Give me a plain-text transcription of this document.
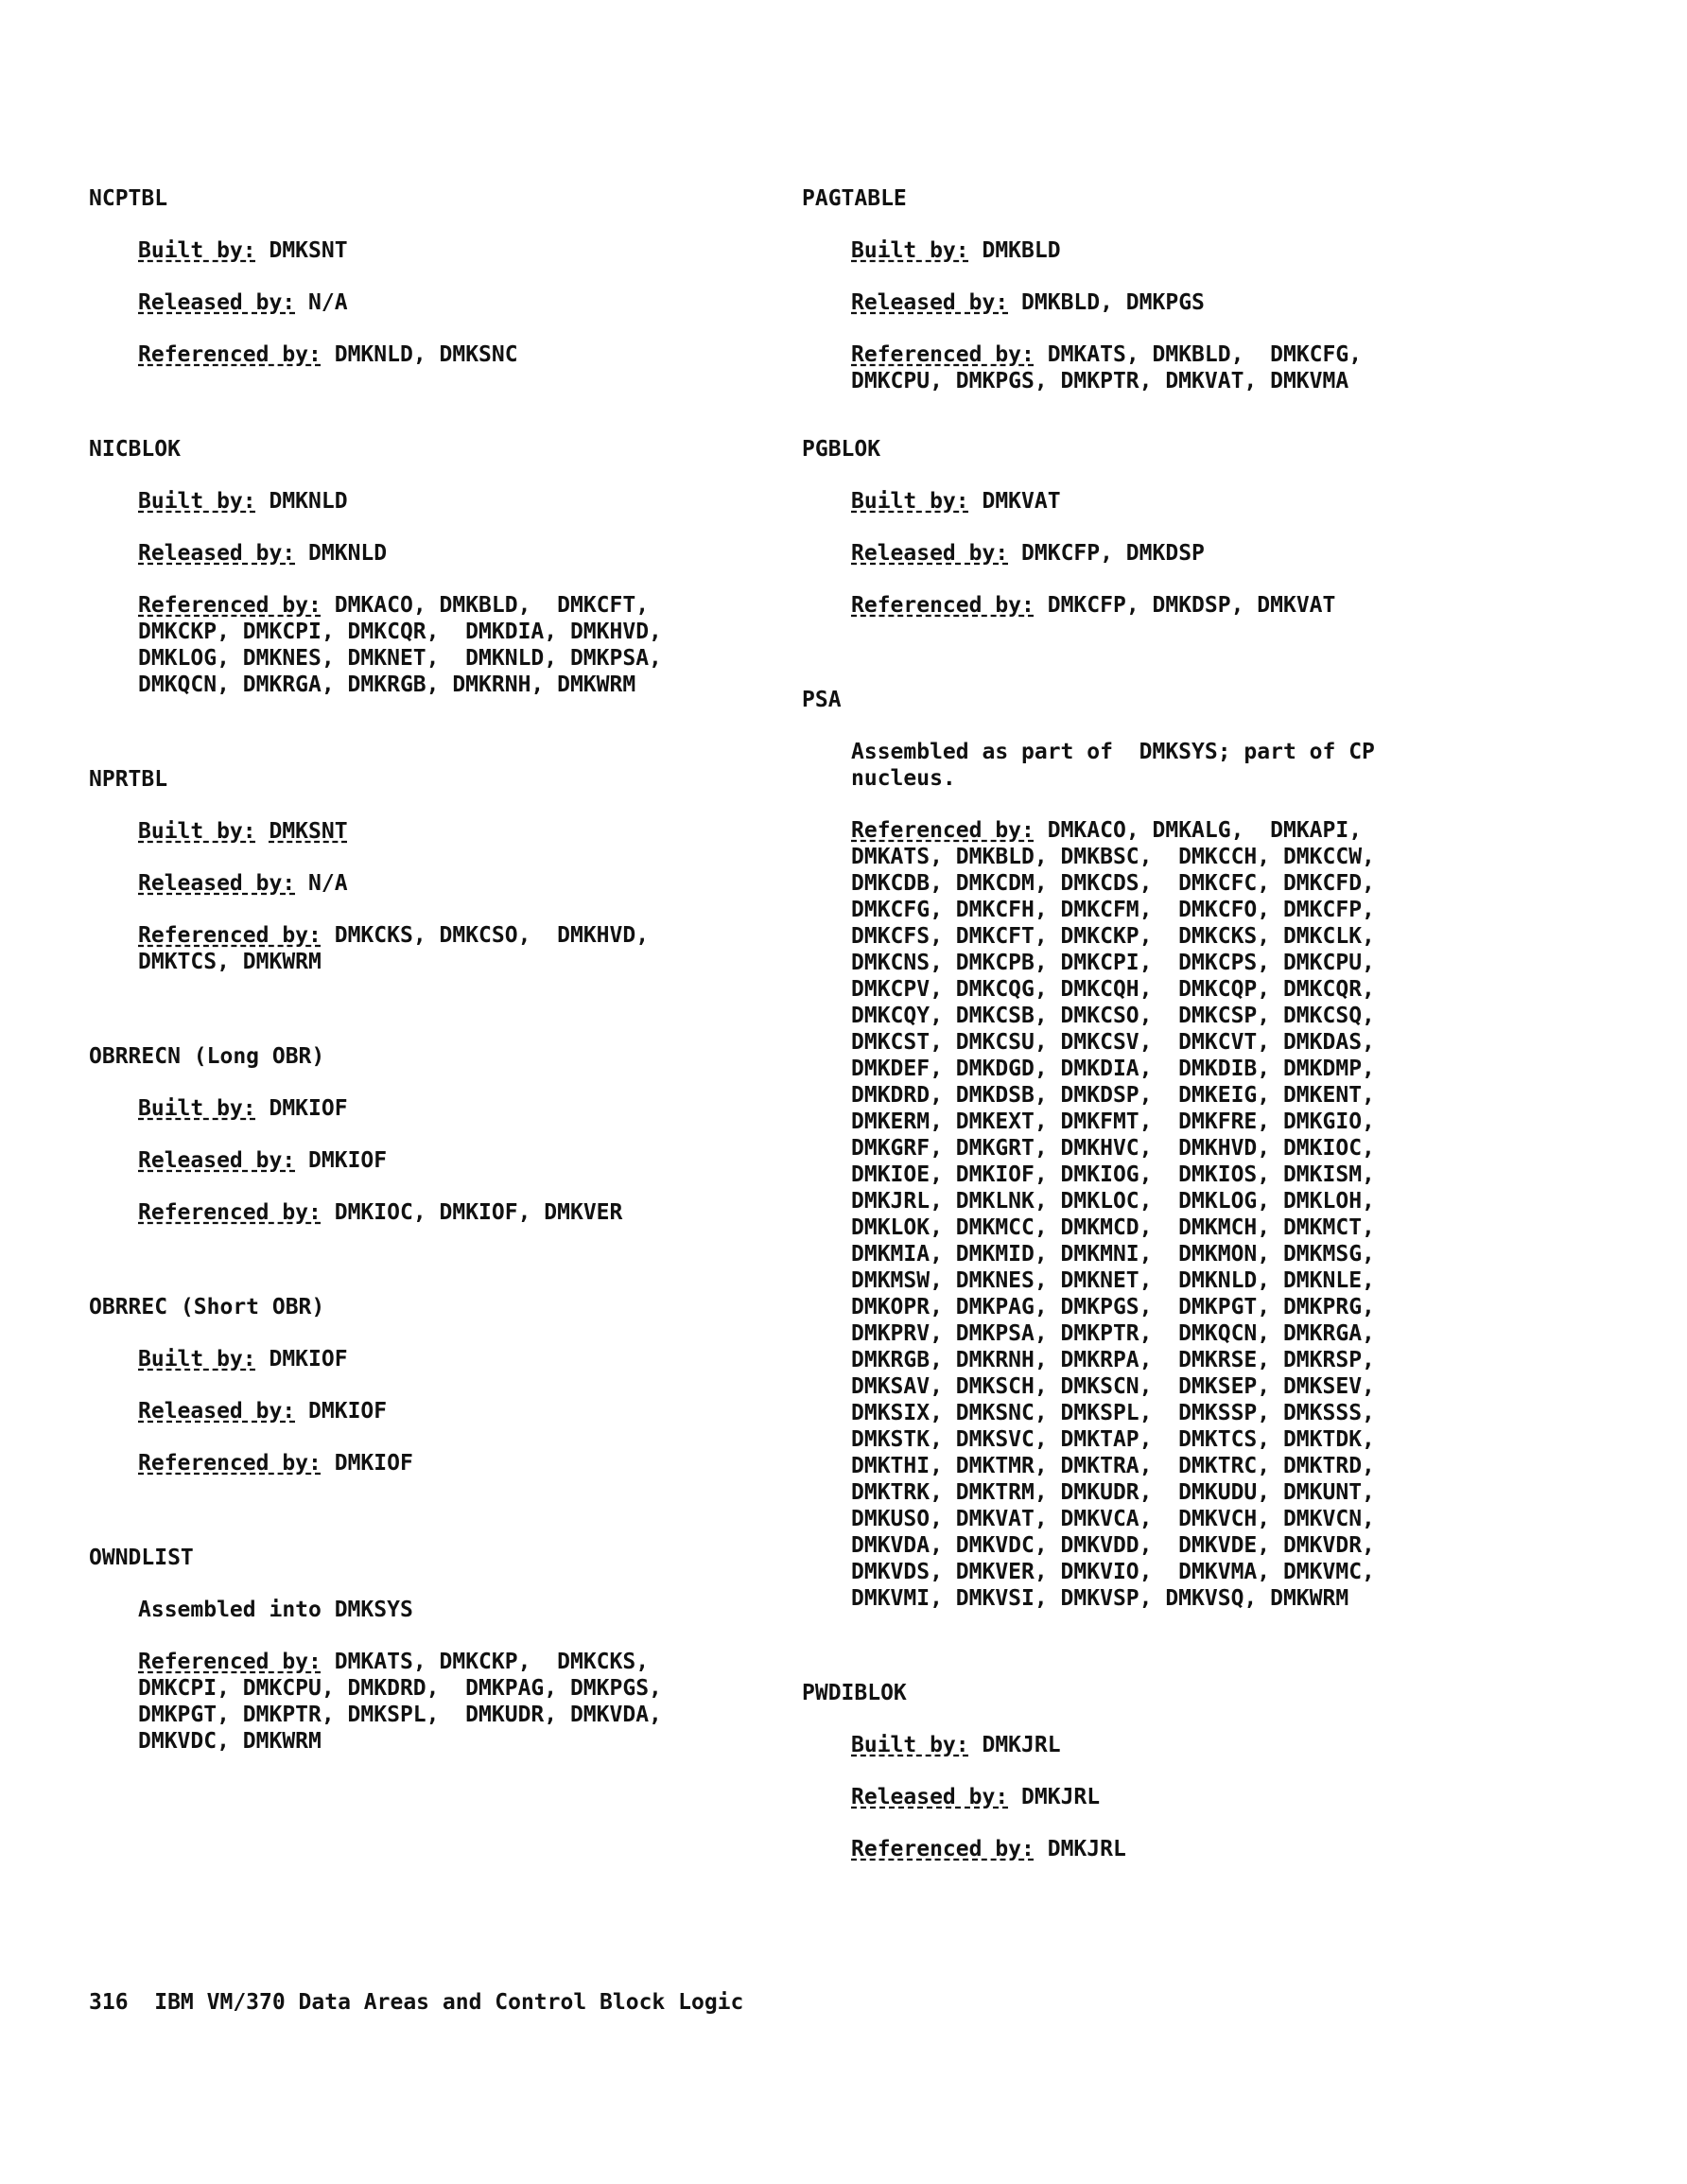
NCPTBL
Built by: DMKSNT
Released by: N/A
Referenced by: DMKNLD, DMKSNC
NICBLOK
Built by: DMKNLD
Released by: DMKNLD
Referenced by: DMKACO, DMKBLD,  DMKCFT,
DMKCKP, DMKCPI, DMKCQR,  DMKDIA, DMKHVD,
DMKLOG, DMKNES, DMKNET,  DMKNLD, DMKPSA,
DMKQCN, DMKRGA, DMKRGB, DMKRNH, DMKWRM
NPRTBL
Built by: DMKSNT
Released by: N/A
Referenced by: DMKCKS, DMKCSO,  DMKHVD,
DMKTCS, DMKWRM
OBRRECN (Long OBR)
Built by: DMKIOF
Released by: DMKIOF
Referenced by: DMKIOC, DMKIOF, DMKVER
OBRREC (Short OBR)
Built by: DMKIOF
Released by: DMKIOF
Referenced by: DMKIOF
OWNDLIST
Assembled into DMKSYS
Referenced by: DMKATS, DMKCKP,  DMKCKS,
DMKCPI, DMKCPU, DMKDRD,  DMKPAG, DMKPGS,
DMKPGT, DMKPTR, DMKSPL,  DMKUDR, DMKVDA,
DMKVDC, DMKWRM
PAGTABLE
Built by: DMKBLD
Released by: DMKBLD, DMKPGS
Referenced by: DMKATS, DMKBLD,  DMKCFG,
DMKCPU, DMKPGS, DMKPTR, DMKVAT, DMKVMA
PGBLOK
Built by: DMKVAT
Released by: DMKCFP, DMKDSP
Referenced by: DMKCFP, DMKDSP, DMKVAT
PSA
Assembled as part of  DMKSYS; part of CP
nucleus.
Referenced by: DMKACO, DMKALG,  DMKAPI,
DMKATS, DMKBLD, DMKBSC,  DMKCCH, DMKCCW,
DMKCDB, DMKCDM, DMKCDS,  DMKCFC, DMKCFD,
DMKCFG, DMKCFH, DMKCFM,  DMKCFO, DMKCFP,
DMKCFS, DMKCFT, DMKCKP,  DMKCKS, DMKCLK,
DMKCNS, DMKCPB, DMKCPI,  DMKCPS, DMKCPU,
DMKCPV, DMKCQG, DMKCQH,  DMKCQP, DMKCQR,
DMKCQY, DMKCSB, DMKCSO,  DMKCSP, DMKCSQ,
DMKCST, DMKCSU, DMKCSV,  DMKCVT, DMKDAS,
DMKDEF, DMKDGD, DMKDIA,  DMKDIB, DMKDMP,
DMKDRD, DMKDSB, DMKDSP,  DMKEIG, DMKENT,
DMKERM, DMKEXT, DMKFMT,  DMKFRE, DMKGIO,
DMKGRF, DMKGRT, DMKHVC,  DMKHVD, DMKIOC,
DMKIOE, DMKIOF, DMKIOG,  DMKIOS, DMKISM,
DMKJRL, DMKLNK, DMKLOC,  DMKLOG, DMKLOH,
DMKLOK, DMKMCC, DMKMCD,  DMKMCH, DMKMCT,
DMKMIA, DMKMID, DMKMNI,  DMKMON, DMKMSG,
DMKMSW, DMKNES, DMKNET,  DMKNLD, DMKNLE,
DMKOPR, DMKPAG, DMKPGS,  DMKPGT, DMKPRG,
DMKPRV, DMKPSA, DMKPTR,  DMKQCN, DMKRGA,
DMKRGB, DMKRNH, DMKRPA,  DMKRSE, DMKRSP,
DMKSAV, DMKSCH, DMKSCN,  DMKSEP, DMKSEV,
DMKSIX, DMKSNC, DMKSPL,  DMKSSP, DMKSSS,
DMKSTK, DMKSVC, DMKTAP,  DMKTCS, DMKTDK,
DMKTHI, DMKTMR, DMKTRA,  DMKTRC, DMKTRD,
DMKTRK, DMKTRM, DMKUDR,  DMKUDU, DMKUNT,
DMKUSO, DMKVAT, DMKVCA,  DMKVCH, DMKVCN,
DMKVDA, DMKVDC, DMKVDD,  DMKVDE, DMKVDR,
DMKVDS, DMKVER, DMKVIO,  DMKVMA, DMKVMC,
DMKVMI, DMKVSI, DMKVSP, DMKVSQ, DMKWRM
PWDIBLOK
Built by: DMKJRL
Released by: DMKJRL
Referenced by: DMKJRL
316  IBM VM/370 Data Areas and Control Block Logic
